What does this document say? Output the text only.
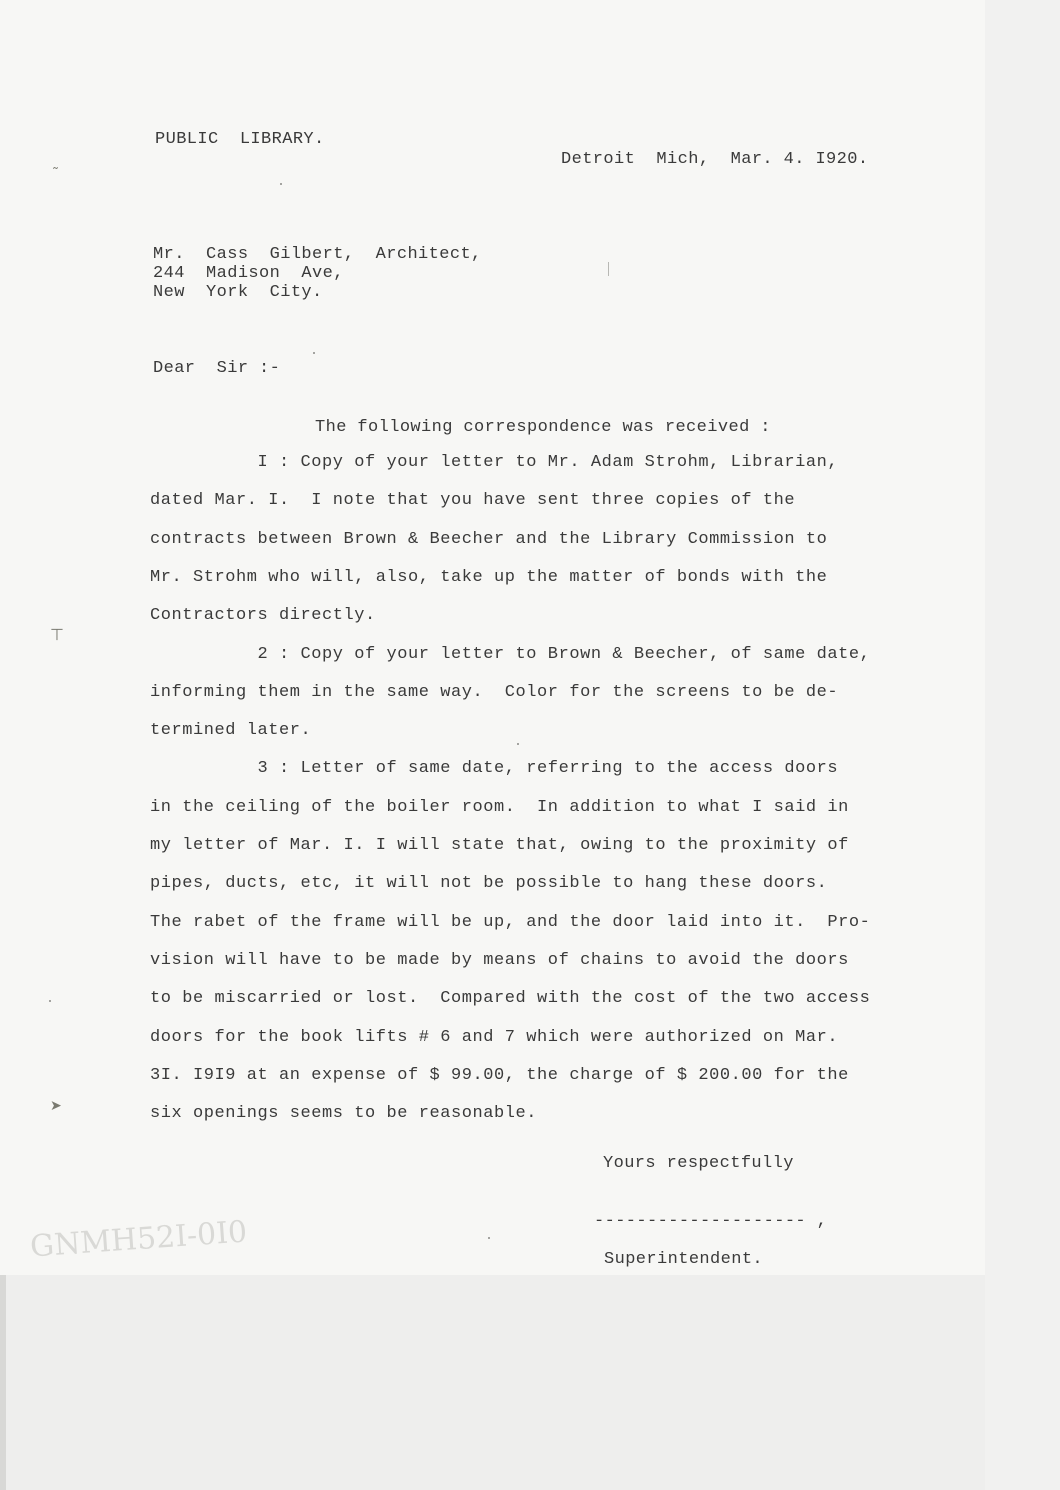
˜
⊤
➤
PUBLIC  LIBRARY.
Detroit  Mich,  Mar. 4. I920.
Mr.  Cass  Gilbert,  Architect,
244  Madison  Ave,
New  York  City.
Dear  Sir :-
The following correspondence was received :
I : Copy of your letter to Mr. Adam Strohm, Librarian,
dated Mar. I.  I note that you have sent three copies of the
contracts between Brown & Beecher and the Library Commission to
Mr. Strohm who will, also, take up the matter of bonds with the
Contractors directly.
2 : Copy of your letter to Brown & Beecher, of same date,
informing them in the same way.  Color for the screens to be de-
termined later.
3 : Letter of same date, referring to the access doors
in the ceiling of the boiler room.  In addition to what I said in
my letter of Mar. I. I will state that, owing to the proximity of
pipes, ducts, etc, it will not be possible to hang these doors.
The rabet of the frame will be up, and the door laid into it.  Pro-
vision will have to be made by means of chains to avoid the doors
to be miscarried or lost.  Compared with the cost of the two access
doors for the book lifts # 6 and 7 which were authorized on Mar.
3I. I9I9 at an expense of $ 99.00, the charge of $ 200.00 for the
six openings seems to be reasonable.
Yours respectfully
-------------------- ,
Superintendent.
GNMH52I-0I0
